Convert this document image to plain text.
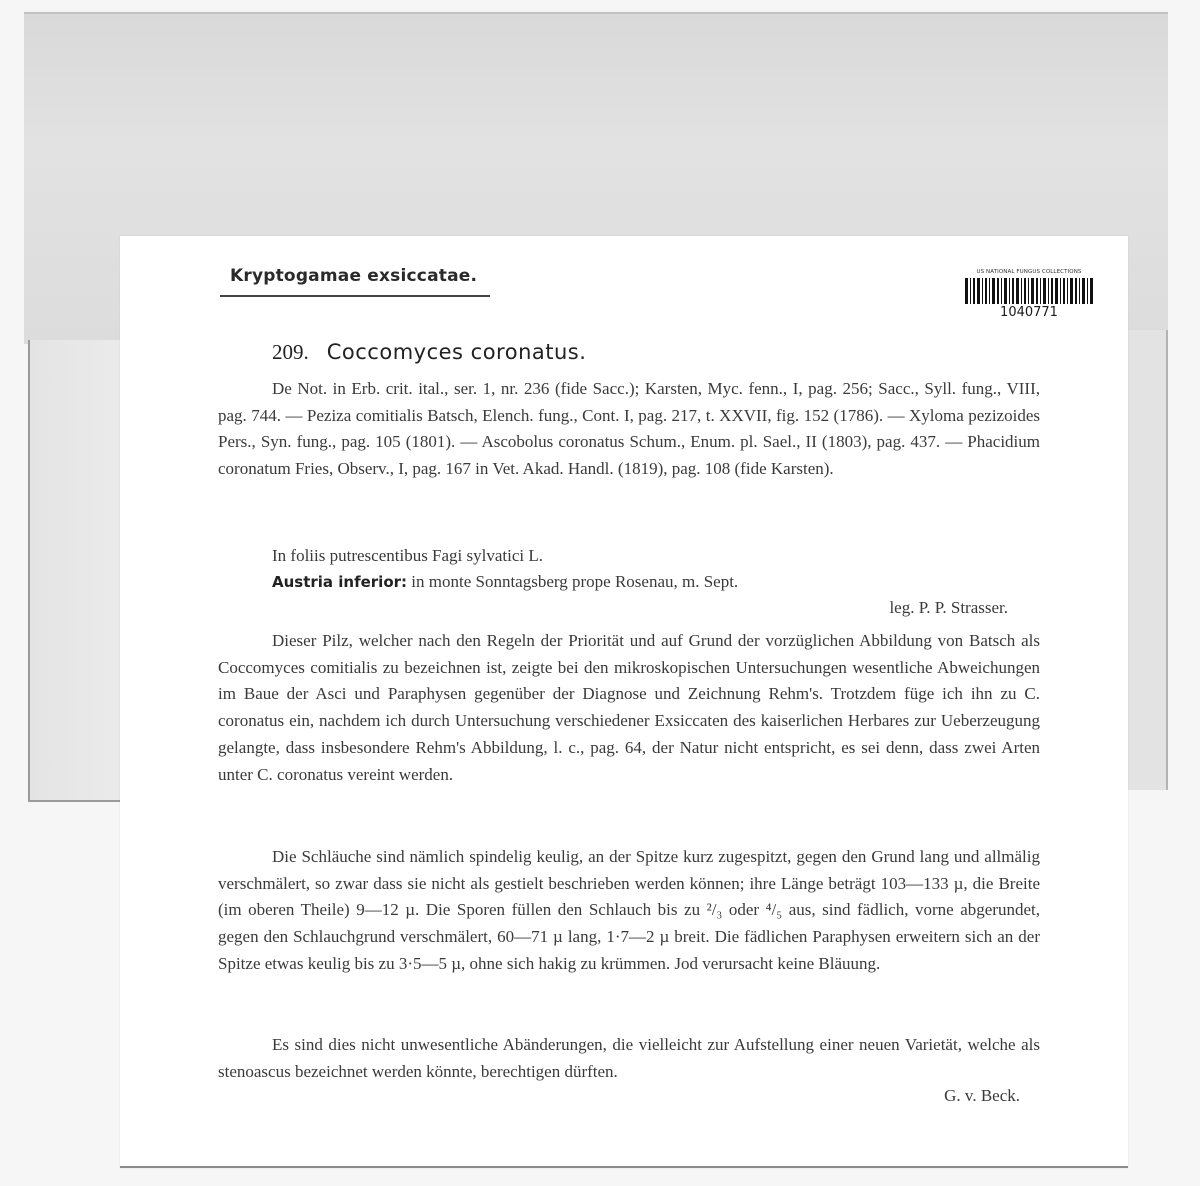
Kryptogamae exsiccatae.	US NATIONAL FUNGUS COLLECTIONS
1040771
209. Coccomyces coronatus.

De Not. in Erb. crit. ital., ser. 1, nr. 236 (fide Sacc.); Karsten, Myc. fenn., I, pag. 256; Sacc., Syll. fung., VIII, pag. 744. — Peziza comitialis Batsch, Elench. fung., Cont. I, pag. 217, t. XXVII, fig. 152 (1786). — Xyloma pezizoides Pers., Syn. fung., pag. 105 (1801). — Ascobolus coronatus Schum., Enum. pl. Sael., II (1803), pag. 437. — Phacidium coronatum Fries, Observ., I, pag. 167 in Vet. Akad. Handl. (1819), pag. 108 (fide Karsten).

In foliis putrescentibus Fagi sylvatici L.
Austria inferior: in monte Sonntagsberg prope Rosenau, m. Sept.
leg. P. P. Strasser.

Dieser Pilz, welcher nach den Regeln der Priorität und auf Grund der vorzüglichen Abbildung von Batsch als Coccomyces comitialis zu bezeichnen ist, zeigte bei den mikroskopischen Untersuchungen wesentliche Abweichungen im Baue der Asci und Paraphysen gegenüber der Diagnose und Zeichnung Rehm's. Trotzdem füge ich ihn zu C. coronatus ein, nachdem ich durch Untersuchung verschiedener Exsiccaten des kaiserlichen Herbares zur Ueberzeugung gelangte, dass insbesondere Rehm's Abbildung, l. c., pag. 64, der Natur nicht entspricht, es sei denn, dass zwei Arten unter C. coronatus vereint werden.

Die Schläuche sind nämlich spindelig keulig, an der Spitze kurz zugespitzt, gegen den Grund lang und allmälig verschmälert, so zwar dass sie nicht als gestielt beschrieben werden können; ihre Länge beträgt 103—133 µ, die Breite (im oberen Theile) 9—12 µ. Die Sporen füllen den Schlauch bis zu ²/₃ oder ⁴/₅ aus, sind fädlich, vorne abgerundet, gegen den Schlauchgrund verschmälert, 60—71 µ lang, 1·7—2 µ breit. Die fädlichen Paraphysen erweitern sich an der Spitze etwas keulig bis zu 3·5—5 µ, ohne sich hakig zu krümmen. Jod verursacht keine Bläuung.

Es sind dies nicht unwesentliche Abänderungen, die vielleicht zur Aufstellung einer neuen Varietät, welche als stenoascus bezeichnet werden könnte, berechtigen dürften.

G. v. Beck.
